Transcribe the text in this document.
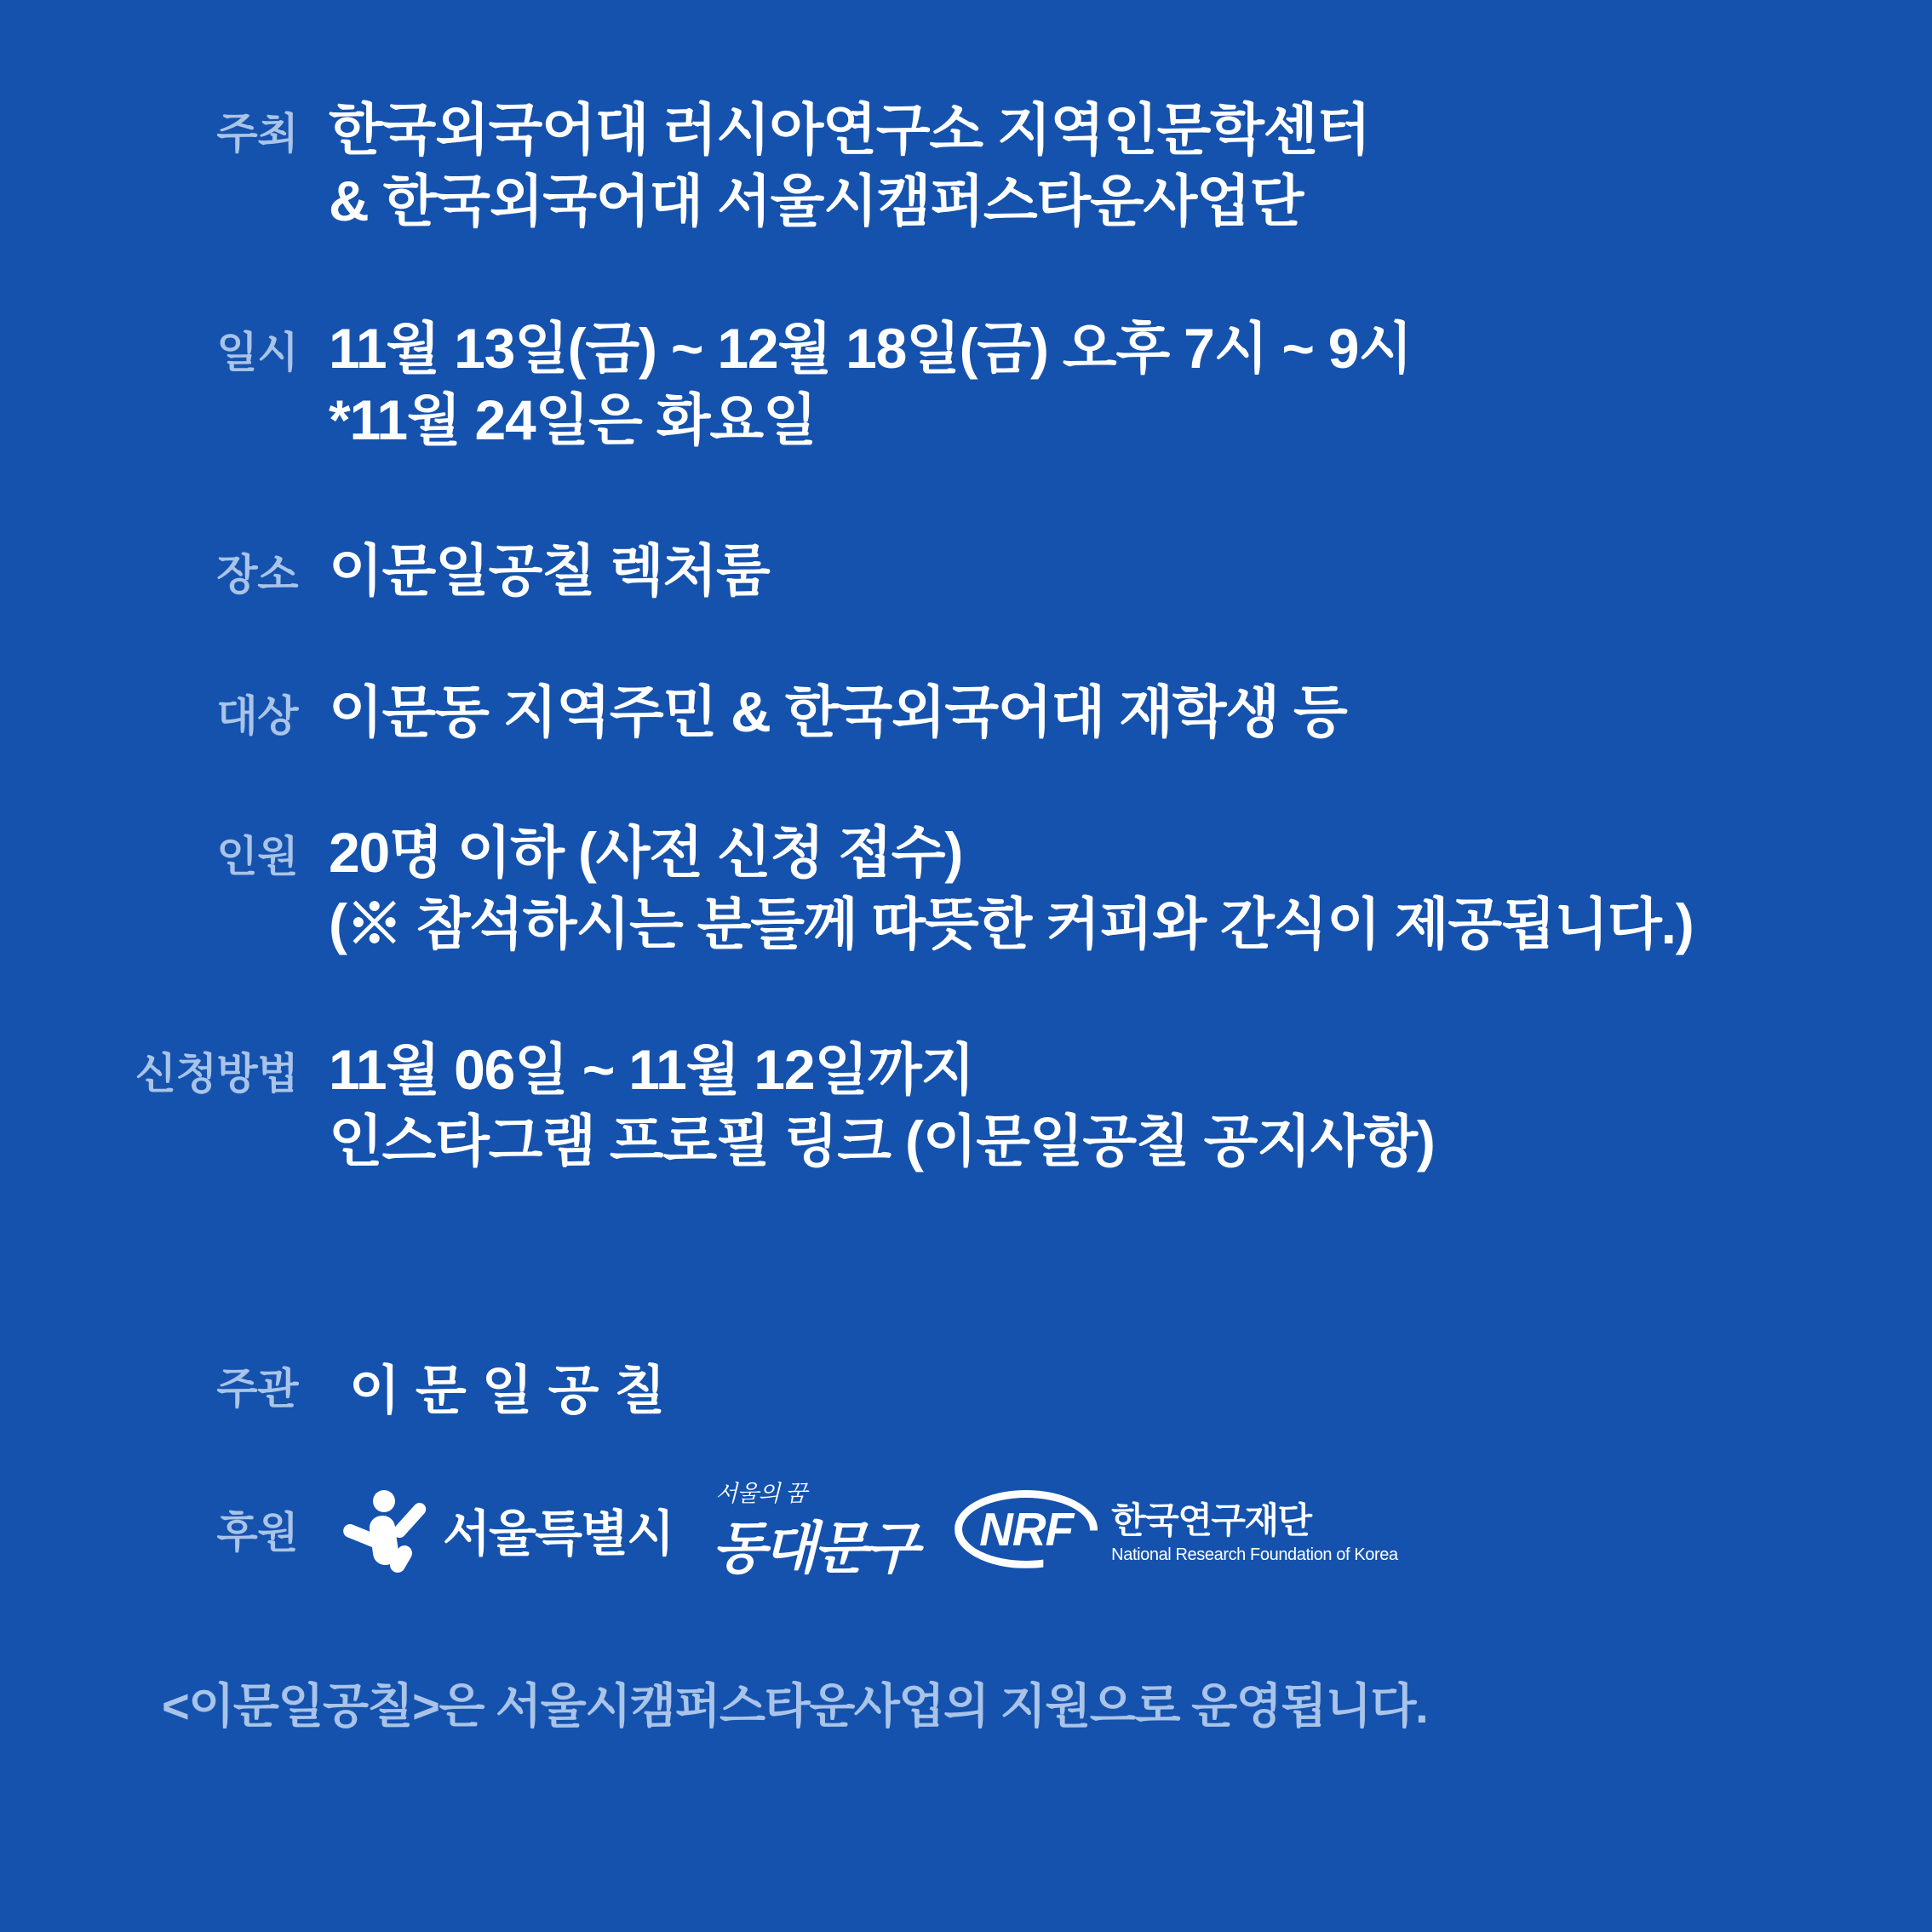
주최 한국외국어대 러시아연구소 지역인문학센터
& 한국외국어대 서울시캠퍼스타운사업단
일시 11월 13일(금) ~ 12월 18일(금) 오후 7시 ~ 9시
*11월 24일은 화요일
장소 이문일공칠 렉처룸
대상 이문동 지역주민 & 한국외국어대 재학생 등
인원 20명 이하 (사전 신청 접수)
(※ 참석하시는 분들께 따뜻한 커피와 간식이 제공됩니다.)
신청방법 11월 06일 ~ 11월 12일까지
인스타그램 프로필 링크 (이문일공칠 공지사항)
주관 이문일공칠
후원	서울특별시
서울의 꿈
동대문구	NRF	한국연구재단
National Research Foundation of Korea
<이문일공칠>은 서울시캠퍼스타운사업의 지원으로 운영됩니다.
